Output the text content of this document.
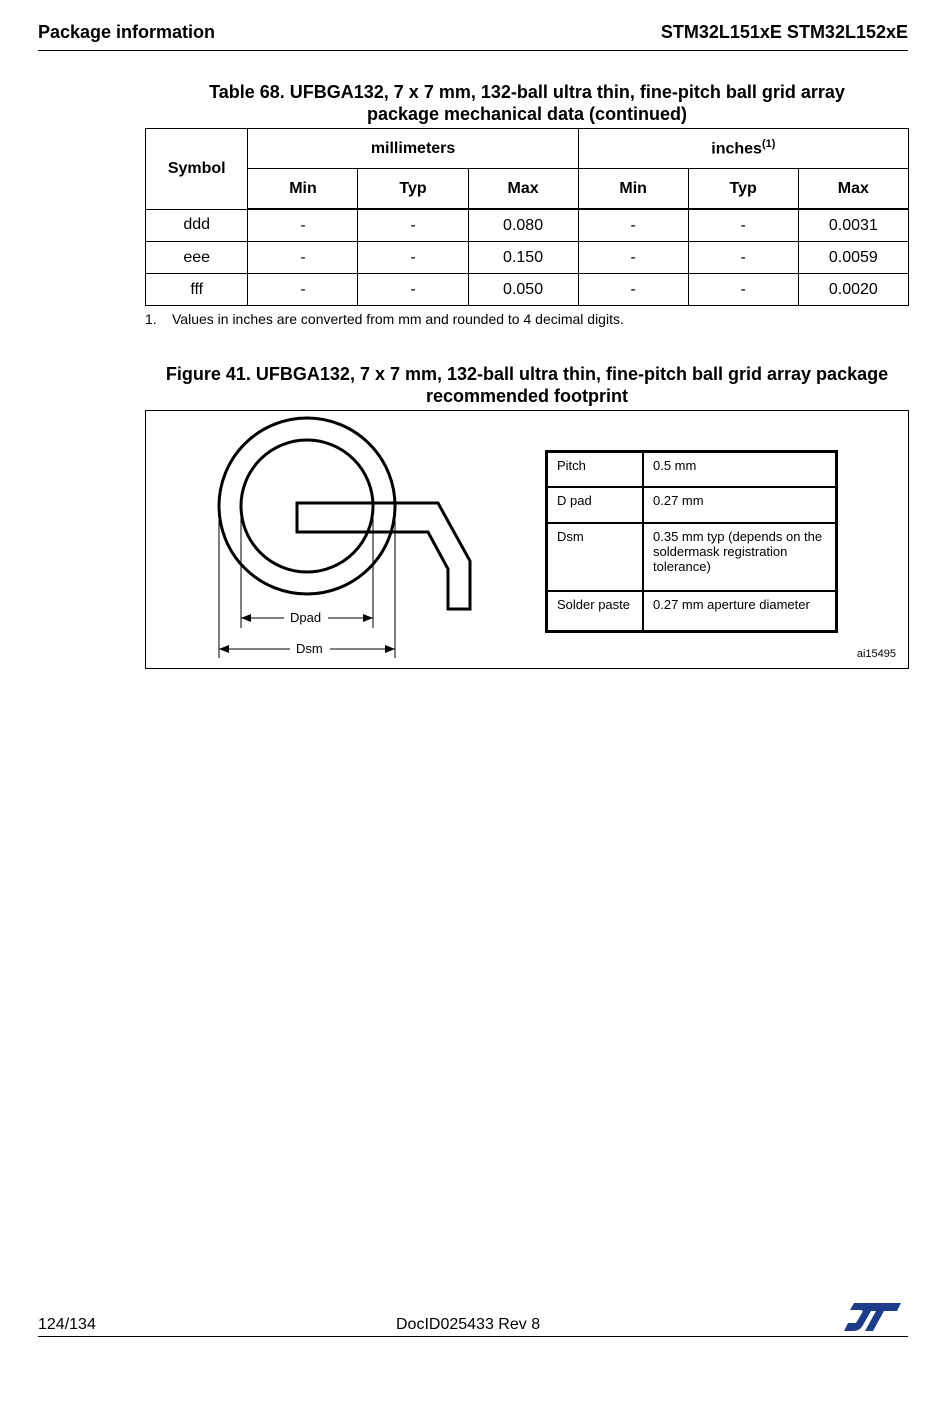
Package information	STM32L151xE STM32L152xE
Table 68. UFBGA132, 7 x 7 mm, 132-ball ultra thin, fine-pitch ball grid array
package mechanical data (continued)
Symbol	millimeters			inches$^{(1)}$
	Min	Typ	Max	Min	Typ	Max
ddd	-	-	0.080	-	-	0.0031
eee	-	-	0.150	-	-	0.0059
fff	-	-	0.050	-	-	0.0020
1. Values in inches are converted from mm and rounded to 4 decimal digits.
Figure 41. UFBGA132, 7 x 7 mm, 132-ball ultra thin, fine-pitch ball grid array package
recommended footprint
Dpad
Dsm
Pitch	0.5 mm
D pad	0.27 mm
Dsm	0.35 mm typ (depends on the soldermask registration tolerance)
Solder paste	0.27 mm aperture diameter
ai15495
124/134	DocID025433 Rev 8
